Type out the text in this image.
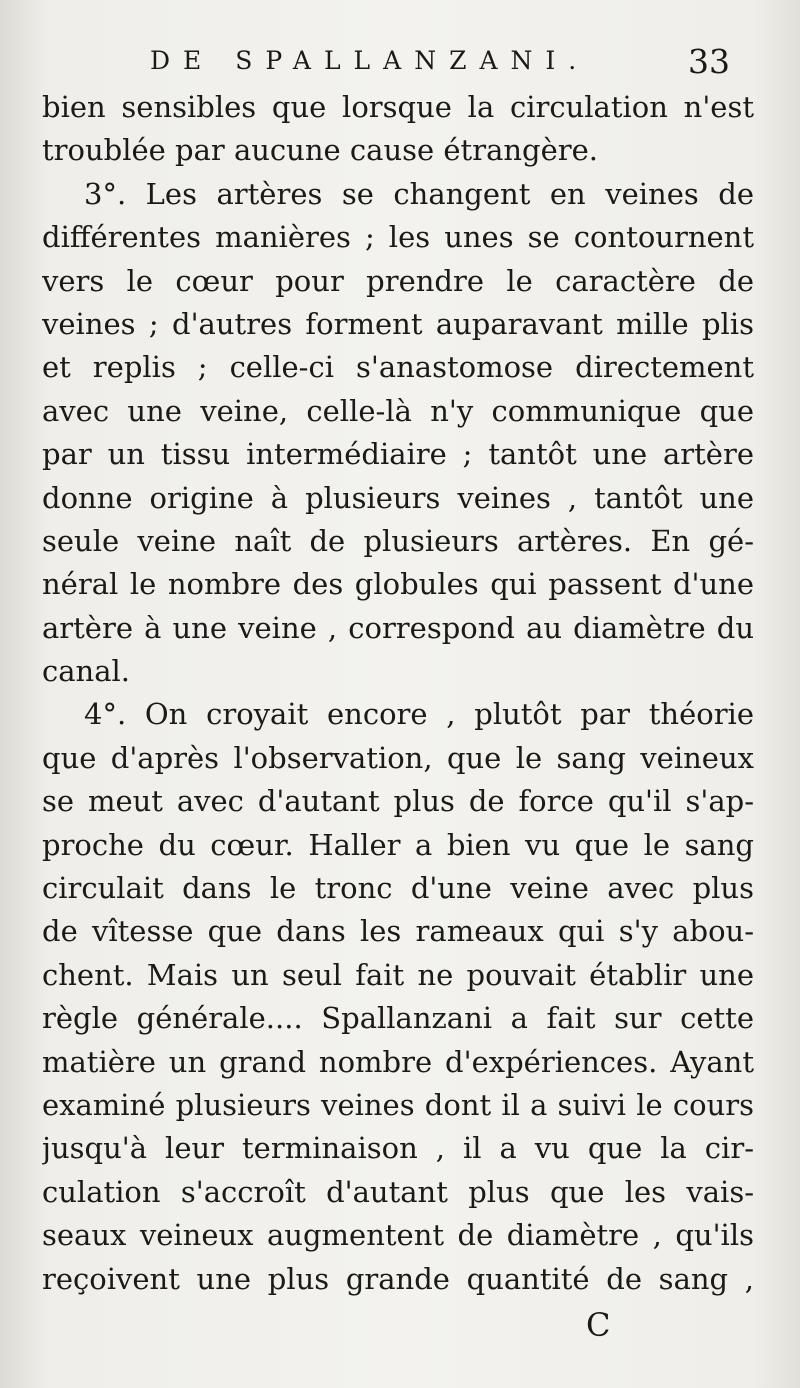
DE SPALLANZANI.	33
bien sensibles que lorsque la circulation n'est
troublée par aucune cause étrangère.
3°. Les artères se changent en veines de
différentes manières ; les unes se contournent
vers le cœur pour prendre le caractère de
veines ; d'autres forment auparavant mille plis
et replis ; celle-ci s'anastomose directement
avec une veine, celle-là n'y communique que
par un tissu intermédiaire ; tantôt une artère
donne origine à plusieurs veines , tantôt une
seule veine naît de plusieurs artères. En gé-
néral le nombre des globules qui passent d'une
artère à une veine , correspond au diamètre du
canal.
4°. On croyait encore , plutôt par théorie
que d'après l'observation, que le sang veineux
se meut avec d'autant plus de force qu'il s'ap-
proche du cœur. Haller a bien vu que le sang
circulait dans le tronc d'une veine avec plus
de vîtesse que dans les rameaux qui s'y abou-
chent. Mais un seul fait ne pouvait établir une
règle générale.... Spallanzani a fait sur cette
matière un grand nombre d'expériences. Ayant
examiné plusieurs veines dont il a suivi le cours
jusqu'à leur terminaison , il a vu que la cir-
culation s'accroît d'autant plus que les vais-
seaux veineux augmentent de diamètre , qu'ils
reçoivent une plus grande quantité de sang ,
C
